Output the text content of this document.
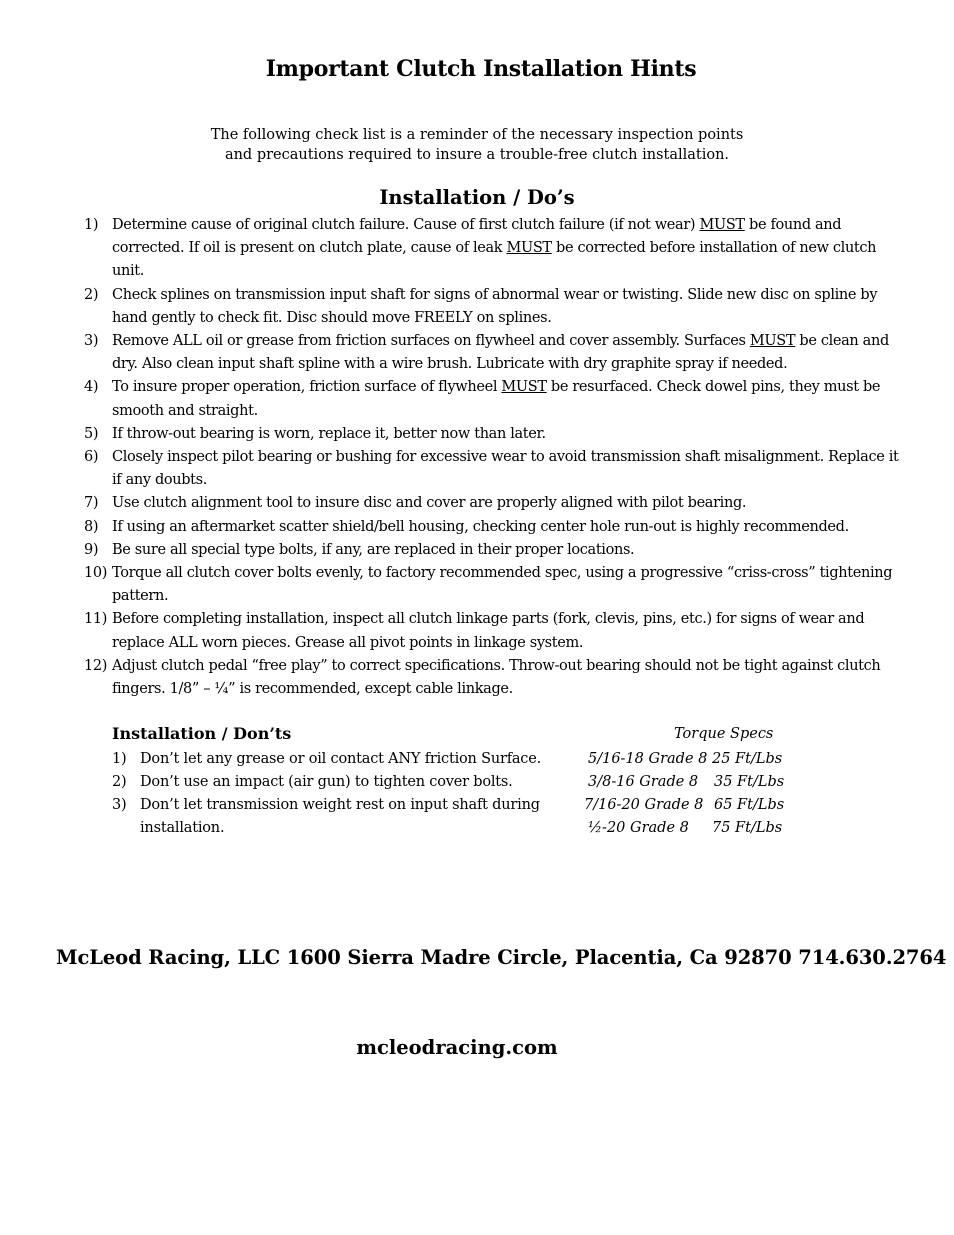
Important Clutch Installation Hints
The following check list is a reminder of the necessary inspection points
and precautions required to insure a trouble-free clutch installation.
Installation / Do’s
1) Determine cause of original clutch failure. Cause of first clutch failure (if not wear) MUST be found and corrected. If oil is present on clutch plate, cause of leak MUST be corrected before installation of new clutch unit.
2) Check splines on transmission input shaft for signs of abnormal wear or twisting. Slide new disc on spline by hand gently to check fit. Disc should move FREELY on splines.
3) Remove ALL oil or grease from friction surfaces on flywheel and cover assembly. Surfaces MUST be clean and dry. Also clean input shaft spline with a wire brush. Lubricate with dry graphite spray if needed.
4) To insure proper operation, friction surface of flywheel MUST be resurfaced. Check dowel pins, they must be smooth and straight.
5) If throw-out bearing is worn, replace it, better now than later.
6) Closely inspect pilot bearing or bushing for excessive wear to avoid transmission shaft misalignment. Replace it if any doubts.
7) Use clutch alignment tool to insure disc and cover are properly aligned with pilot bearing.
8) If using an aftermarket scatter shield/bell housing, checking center hole run-out is highly recommended.
9) Be sure all special type bolts, if any, are replaced in their proper locations.
10) Torque all clutch cover bolts evenly, to factory recommended spec, using a progressive “criss-cross” tightening pattern.
11) Before completing installation, inspect all clutch linkage parts (fork, clevis, pins, etc.) for signs of wear and replace ALL worn pieces. Grease all pivot points in linkage system.
12) Adjust clutch pedal “free play” to correct specifications. Throw-out bearing should not be tight against clutch fingers. 1/8” – ¼” is recommended, except cable linkage.
Installation / Don’ts	Torque Specs
1) Don’t let any grease or oil contact ANY friction Surface.
2) Don’t use an impact (air gun) to tighten cover bolts.
3) Don’t let transmission weight rest on input shaft during installation.
5/16-18 Grade 8 25 Ft/Lbs
3/8-16 Grade 8 35 Ft/Lbs
7/16-20 Grade 8 65 Ft/Lbs
½-20 Grade 8 75 Ft/Lbs
McLeod Racing, LLC 1600 Sierra Madre Circle, Placentia, Ca 92870 714.630.2764
mcleodracing.com
